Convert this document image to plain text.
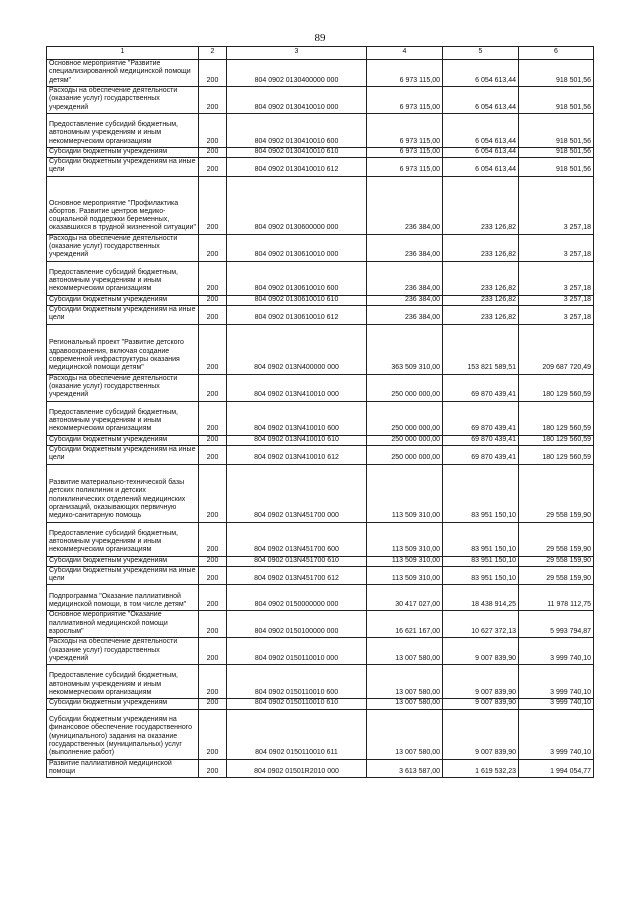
89
1	2	3	4	5	6
Основное мероприятие "Развитие специализированной медицинской помощи детям"	200	804 0902 0130400000 000	6 973 115,00	6 054 613,44	918 501,56
Расходы на обеспечение деятельности (оказание услуг) государственных учреждений	200	804 0902 0130410010 000	6 973 115,00	6 054 613,44	918 501,56
Предоставление субсидий бюджетным, автономным учреждениям и иным некоммерческим организациям	200	804 0902 0130410010 600	6 973 115,00	6 054 613,44	918 501,56
Субсидии бюджетным учреждениям	200	804 0902 0130410010 610	6 973 115,00	6 054 613,44	918 501,56
Субсидии бюджетным учреждениям на иные цели	200	804 0902 0130410010 612	6 973 115,00	6 054 613,44	918 501,56
Основное мероприятие "Профилактика абортов. Развитие центров медико-социальной поддержки беременных, оказавшихся в трудной жизненной ситуации"	200	804 0902 0130600000 000	236 384,00	233 126,82	3 257,18
Расходы на обеспечение деятельности (оказание услуг) государственных учреждений	200	804 0902 0130610010 000	236 384,00	233 126,82	3 257,18
Предоставление субсидий бюджетным, автономным учреждениям и иным некоммерческим организациям	200	804 0902 0130610010 600	236 384,00	233 126,82	3 257,18
Субсидии бюджетным учреждениям	200	804 0902 0130610010 610	236 384,00	233 126,82	3 257,18
Субсидии бюджетным учреждениям на иные цели	200	804 0902 0130610010 612	236 384,00	233 126,82	3 257,18
Региональный проект "Развитие детского здравоохранения, включая создание современной инфраструктуры оказания медицинской помощи детям"	200	804 0902 013N400000 000	363 509 310,00	153 821 589,51	209 687 720,49
Расходы на обеспечение деятельности (оказание услуг) государственных учреждений	200	804 0902 013N410010 000	250 000 000,00	69 870 439,41	180 129 560,59
Предоставление субсидий бюджетным, автономным учреждениям и иным некоммерческим организациям	200	804 0902 013N410010 600	250 000 000,00	69 870 439,41	180 129 560,59
Субсидии бюджетным учреждениям	200	804 0902 013N410010 610	250 000 000,00	69 870 439,41	180 129 560,59
Субсидии бюджетным учреждениям на иные цели	200	804 0902 013N410010 612	250 000 000,00	69 870 439,41	180 129 560,59
Развитие материально-технической базы детских поликлиник и детских поликлинических отделений медицинских организаций, оказывающих первичную медико-санитарную помощь	200	804 0902 013N451700 000	113 509 310,00	83 951 150,10	29 558 159,90
Предоставление субсидий бюджетным, автономным учреждениям и иным некоммерческим организациям	200	804 0902 013N451700 600	113 509 310,00	83 951 150,10	29 558 159,90
Субсидии бюджетным учреждениям	200	804 0902 013N451700 610	113 509 310,00	83 951 150,10	29 558 159,90
Субсидии бюджетным учреждениям на иные цели	200	804 0902 013N451700 612	113 509 310,00	83 951 150,10	29 558 159,90
Подпрограмма "Оказание паллиативной медицинской помощи, в том числе детям"	200	804 0902 0150000000 000	30 417 027,00	18 438 914,25	11 978 112,75
Основное мероприятие "Оказание паллиативной медицинской помощи взрослым"	200	804 0902 0150100000 000	16 621 167,00	10 627 372,13	5 993 794,87
Расходы на обеспечение деятельности (оказание услуг) государственных учреждений	200	804 0902 0150110010 000	13 007 580,00	9 007 839,90	3 999 740,10
Предоставление субсидий бюджетным, автономным учреждениям и иным некоммерческим организациям	200	804 0902 0150110010 600	13 007 580,00	9 007 839,90	3 999 740,10
Субсидии бюджетным учреждениям	200	804 0902 0150110010 610	13 007 580,00	9 007 839,90	3 999 740,10
Субсидии бюджетным учреждениям на финансовое обеспечение государственного (муниципального) задания на оказание государственных (муниципальных) услуг (выполнение работ)	200	804 0902 0150110010 611	13 007 580,00	9 007 839,90	3 999 740,10
Развитие паллиативной медицинской помощи	200	804 0902 01501R2010 000	3 613 587,00	1 619 532,23	1 994 054,77
